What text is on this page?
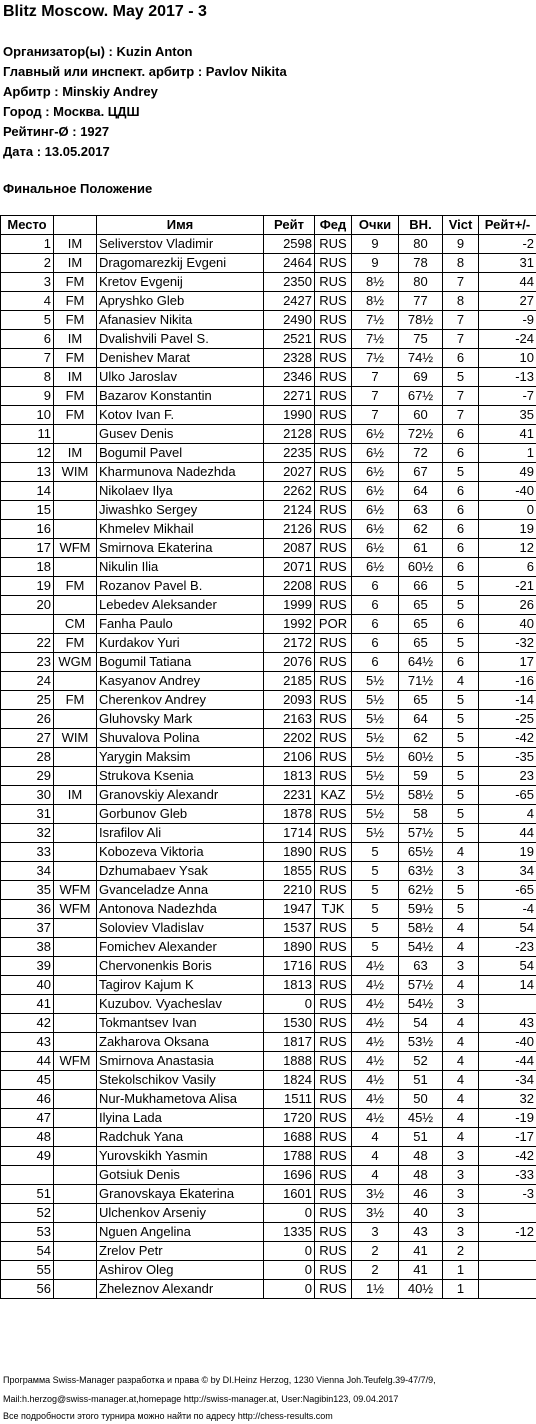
Blitz Moscow. May 2017 - 3
Организатор(ы) : Kuzin Anton
Главный или инспект. арбитр : Pavlov Nikita
Арбитр : Minskiy Andrey
Город : Москва. ЦДШ
Рейтинг-Ø : 1927
Дата : 13.05.2017
Финальное Положение
Место		Имя	Рейт	Фед	Очки	ВН.	Vict	Рейт+/-
1	IM	Seliverstov Vladimir	2598	RUS	9	80	9	-2
2	IM	Dragomarezkij Evgeni	2464	RUS	9	78	8	31
3	FM	Kretov Evgenij	2350	RUS	8½	80	7	44
4	FM	Apryshko Gleb	2427	RUS	8½	77	8	27
5	FM	Afanasiev Nikita	2490	RUS	7½	78½	7	-9
6	IM	Dvalishvili Pavel S.	2521	RUS	7½	75	7	-24
7	FM	Denishev Marat	2328	RUS	7½	74½	6	10
8	IM	Ulko Jaroslav	2346	RUS	7	69	5	-13
9	FM	Bazarov Konstantin	2271	RUS	7	67½	7	-7
10	FM	Kotov Ivan F.	1990	RUS	7	60	7	35
11		Gusev Denis	2128	RUS	6½	72½	6	41
12	IM	Bogumil Pavel	2235	RUS	6½	72	6	1
13	WIM	Kharmunova Nadezhda	2027	RUS	6½	67	5	49
14		Nikolaev Ilya	2262	RUS	6½	64	6	-40
15		Jiwashko Sergey	2124	RUS	6½	63	6	0
16		Khmelev Mikhail	2126	RUS	6½	62	6	19
17	WFM	Smirnova Ekaterina	2087	RUS	6½	61	6	12
18		Nikulin Ilia	2071	RUS	6½	60½	6	6
19	FM	Rozanov Pavel B.	2208	RUS	6	66	5	-21
20		Lebedev Aleksander	1999	RUS	6	65	5	26
	CM	Fanha Paulo	1992	POR	6	65	6	40
22	FM	Kurdakov Yuri	2172	RUS	6	65	5	-32
23	WGM	Bogumil Tatiana	2076	RUS	6	64½	6	17
24		Kasyanov Andrey	2185	RUS	5½	71½	4	-16
25	FM	Cherenkov Andrey	2093	RUS	5½	65	5	-14
26		Gluhovsky Mark	2163	RUS	5½	64	5	-25
27	WIM	Shuvalova Polina	2202	RUS	5½	62	5	-42
28		Yarygin Maksim	2106	RUS	5½	60½	5	-35
29		Strukova Ksenia	1813	RUS	5½	59	5	23
30	IM	Granovskiy Alexandr	2231	KAZ	5½	58½	5	-65
31		Gorbunov Gleb	1878	RUS	5½	58	5	4
32		Israfilov Ali	1714	RUS	5½	57½	5	44
33		Kobozeva Viktoria	1890	RUS	5	65½	4	19
34		Dzhumabaev Ysak	1855	RUS	5	63½	3	34
35	WFM	Gvanceladze Anna	2210	RUS	5	62½	5	-65
36	WFM	Antonova Nadezhda	1947	TJK	5	59½	5	-4
37		Soloviev Vladislav	1537	RUS	5	58½	4	54
38		Fomichev Alexander	1890	RUS	5	54½	4	-23
39		Chervonenkis Boris	1716	RUS	4½	63	3	54
40		Tagirov Kajum K	1813	RUS	4½	57½	4	14
41		Kuzubov. Vyacheslav	0	RUS	4½	54½	3	
42		Tokmantsev Ivan	1530	RUS	4½	54	4	43
43		Zakharova Oksana	1817	RUS	4½	53½	4	-40
44	WFM	Smirnova Anastasia	1888	RUS	4½	52	4	-44
45		Stekolschikov Vasily	1824	RUS	4½	51	4	-34
46		Nur-Mukhametova Alisa	1511	RUS	4½	50	4	32
47		Ilyina Lada	1720	RUS	4½	45½	4	-19
48		Radchuk Yana	1688	RUS	4	51	4	-17
49		Yurovskikh Yasmin	1788	RUS	4	48	3	-42
		Gotsiuk Denis	1696	RUS	4	48	3	-33
51		Granovskaya Ekaterina	1601	RUS	3½	46	3	-3
52		Ulchenkov Arseniy	0	RUS	3½	40	3	
53		Nguen Angelina	1335	RUS	3	43	3	-12
54		Zrelov Petr	0	RUS	2	41	2	
55		Ashirov Oleg	0	RUS	2	41	1	
56		Zheleznov Alexandr	0	RUS	1½	40½	1	
Программа Swiss-Manager разработка и права © by DI.Heinz Herzog, 1230 Vienna Joh.Teufelg.39-47/7/9,
Mail:h.herzog@swiss-manager.at,homepage http://swiss-manager.at, User:Nagibin123, 09.04.2017
Все подробности этого турнира можно найти по адресу http://chess-results.com
